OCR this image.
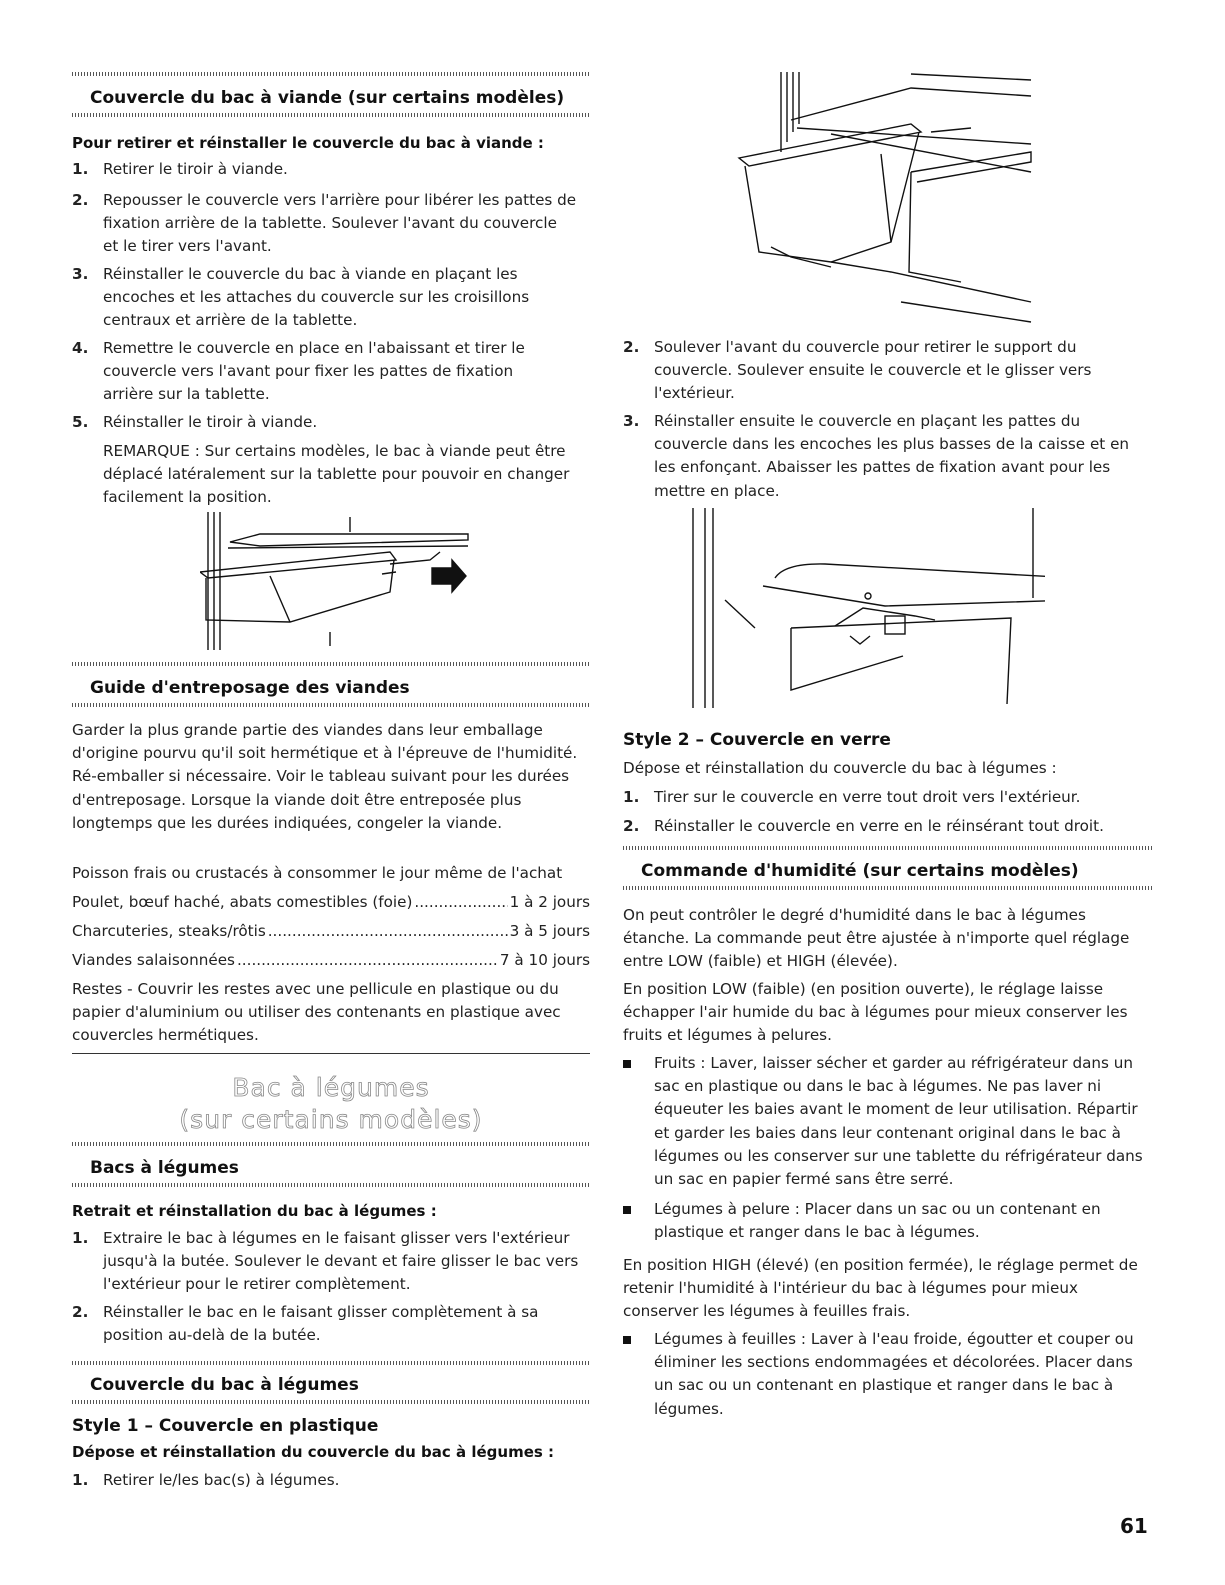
Couvercle du bac à viande (sur certains modèles)
Pour retirer et réinstaller le couvercle du bac à viande :
1. Retirer le tiroir à viande.
2. Repousser le couvercle vers l'arrière pour libérer les pattes de fixation arrière de la tablette. Soulever l'avant du couvercle et le tirer vers l'avant.
3. Réinstaller le couvercle du bac à viande en plaçant les encoches et les attaches du couvercle sur les croisillons centraux et arrière de la tablette.
4. Remettre le couvercle en place en l'abaissant et tirer le couvercle vers l'avant pour fixer les pattes de fixation arrière sur la tablette.
5. Réinstaller le tiroir à viande.
REMARQUE : Sur certains modèles, le bac à viande peut être déplacé latéralement sur la tablette pour pouvoir en changer facilement la position.
Guide d'entreposage des viandes
Garder la plus grande partie des viandes dans leur emballage d'origine pourvu qu'il soit hermétique et à l'épreuve de l'humidité. Ré-emballer si nécessaire. Voir le tableau suivant pour les durées d'entreposage. Lorsque la viande doit être entreposée plus longtemps que les durées indiquées, congeler la viande.
Poisson frais ou crustacés à consommer le jour même de l'achat
Poulet, bœuf haché, abats comestibles (foie) .....	1 à 2 jours
Charcuteries, steaks/rôtis .....	3 à 5 jours
Viandes salaisonnées .....	7 à 10 jours
Restes - Couvrir les restes avec une pellicule en plastique ou du papier d'aluminium ou utiliser des contenants en plastique avec couvercles hermétiques.
Bac à légumes
(sur certains modèles)
Bacs à légumes
Retrait et réinstallation du bac à légumes :
1. Extraire le bac à légumes en le faisant glisser vers l'extérieur jusqu'à la butée. Soulever le devant et faire glisser le bac vers l'extérieur pour le retirer complètement.
2. Réinstaller le bac en le faisant glisser complètement à sa position au-delà de la butée.
Couvercle du bac à légumes
Style 1 – Couvercle en plastique
Dépose et réinstallation du couvercle du bac à légumes :
1. Retirer le/les bac(s) à légumes.
2. Soulever l'avant du couvercle pour retirer le support du couvercle. Soulever ensuite le couvercle et le glisser vers l'extérieur.
3. Réinstaller ensuite le couvercle en plaçant les pattes du couvercle dans les encoches les plus basses de la caisse et en les enfonçant. Abaisser les pattes de fixation avant pour les mettre en place.
Style 2 – Couvercle en verre
Dépose et réinstallation du couvercle du bac à légumes :
1. Tirer sur le couvercle en verre tout droit vers l'extérieur.
2. Réinstaller le couvercle en verre en le réinsérant tout droit.
Commande d'humidité (sur certains modèles)
On peut contrôler le degré d'humidité dans le bac à légumes étanche. La commande peut être ajustée à n'importe quel réglage entre LOW (faible) et HIGH (élevée).
En position LOW (faible) (en position ouverte), le réglage laisse échapper l'air humide du bac à légumes pour mieux conserver les fruits et légumes à pelures.
Fruits : Laver, laisser sécher et garder au réfrigérateur dans un sac en plastique ou dans le bac à légumes. Ne pas laver ni équeuter les baies avant le moment de leur utilisation. Répartir et garder les baies dans leur contenant original dans le bac à légumes ou les conserver sur une tablette du réfrigérateur dans un sac en papier fermé sans être serré.
Légumes à pelure : Placer dans un sac ou un contenant en plastique et ranger dans le bac à légumes.
En position HIGH (élevé) (en position fermée), le réglage permet de retenir l'humidité à l'intérieur du bac à légumes pour mieux conserver les légumes à feuilles frais.
Légumes à feuilles : Laver à l'eau froide, égoutter et couper ou éliminer les sections endommagées et décolorées. Placer dans un sac ou un contenant en plastique et ranger dans le bac à légumes.
61
